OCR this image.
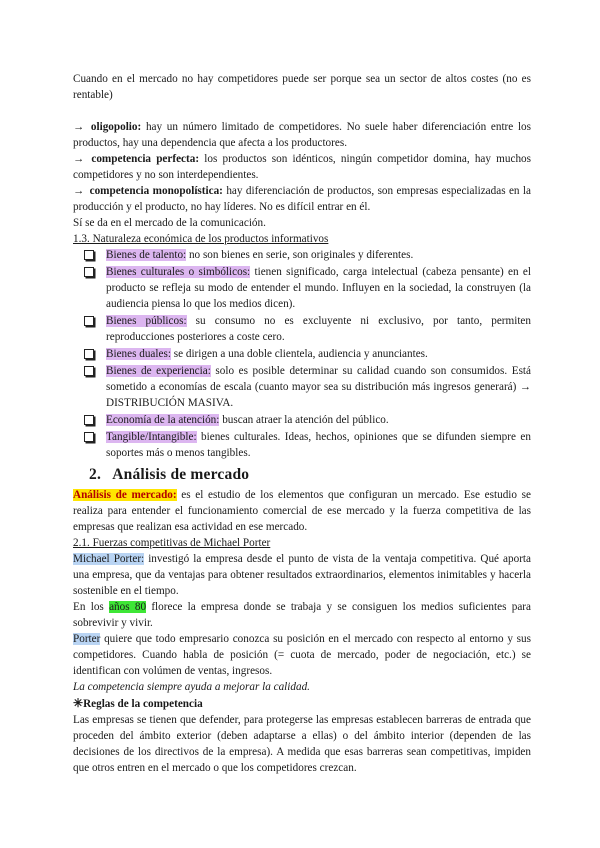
Cuando en el mercado no hay competidores puede ser porque sea un sector de altos costes (no es rentable)

→ oligopolio: hay un número limitado de competidores. No suele haber diferenciación entre los productos, hay una dependencia que afecta a los productores.

→ competencia perfecta: los productos son idénticos, ningún competidor domina, hay muchos competidores y no son interdependientes.

→ competencia monopolística: hay diferenciación de productos, son empresas especializadas en la producción y el producto, no hay líderes. No es difícil entrar en él.

Sí se da en el mercado de la comunicación.

1.3. Naturaleza económica de los productos informativos

Bienes de talento: no son bienes en serie, son originales y diferentes.
Bienes culturales o simbólicos: tienen significado, carga intelectual (cabeza pensante) en el producto se refleja su modo de entender el mundo. Influyen en la sociedad, la construyen (la audiencia piensa lo que los medios dicen).
Bienes públicos: su consumo no es excluyente ni exclusivo, por tanto, permiten reproducciones posteriores a coste cero.
Bienes duales: se dirigen a una doble clientela, audiencia y anunciantes.
Bienes de experiencia: solo es posible determinar su calidad cuando son consumidos. Está sometido a economías de escala (cuanto mayor sea su distribución más ingresos generará) → DISTRIBUCIÓN MASIVA.
Economía de la atención: buscan atraer la atención del público.
Tangible/Intangible: bienes culturales. Ideas, hechos, opiniones que se difunden siempre en soportes más o menos tangibles.
2. Análisis de mercado

Análisis de mercado: es el estudio de los elementos que configuran un mercado. Ese estudio se realiza para entender el funcionamiento comercial de ese mercado y la fuerza competitiva de las empresas que realizan esa actividad en ese mercado.

2.1. Fuerzas competitivas de Michael Porter

Michael Porter: investigó la empresa desde el punto de vista de la ventaja competitiva. Qué aporta una empresa, que da ventajas para obtener resultados extraordinarios, elementos inimitables y hacerla sostenible en el tiempo.

En los años 80 florece la empresa donde se trabaja y se consiguen los medios suficientes para sobrevivir y vivir.

Porter quiere que todo empresario conozca su posición en el mercado con respecto al entorno y sus competidores. Cuando habla de posición (= cuota de mercado, poder de negociación, etc.) se identifican con volúmen de ventas, ingresos.

La competencia siempre ayuda a mejorar la calidad.

✳Reglas de la competencia

Las empresas se tienen que defender, para protegerse las empresas establecen barreras de entrada que proceden del ámbito exterior (deben adaptarse a ellas) o del ámbito interior (dependen de las decisiones de los directivos de la empresa). A medida que esas barreras sean competitivas, impiden que otros entren en el mercado o que los competidores crezcan.
